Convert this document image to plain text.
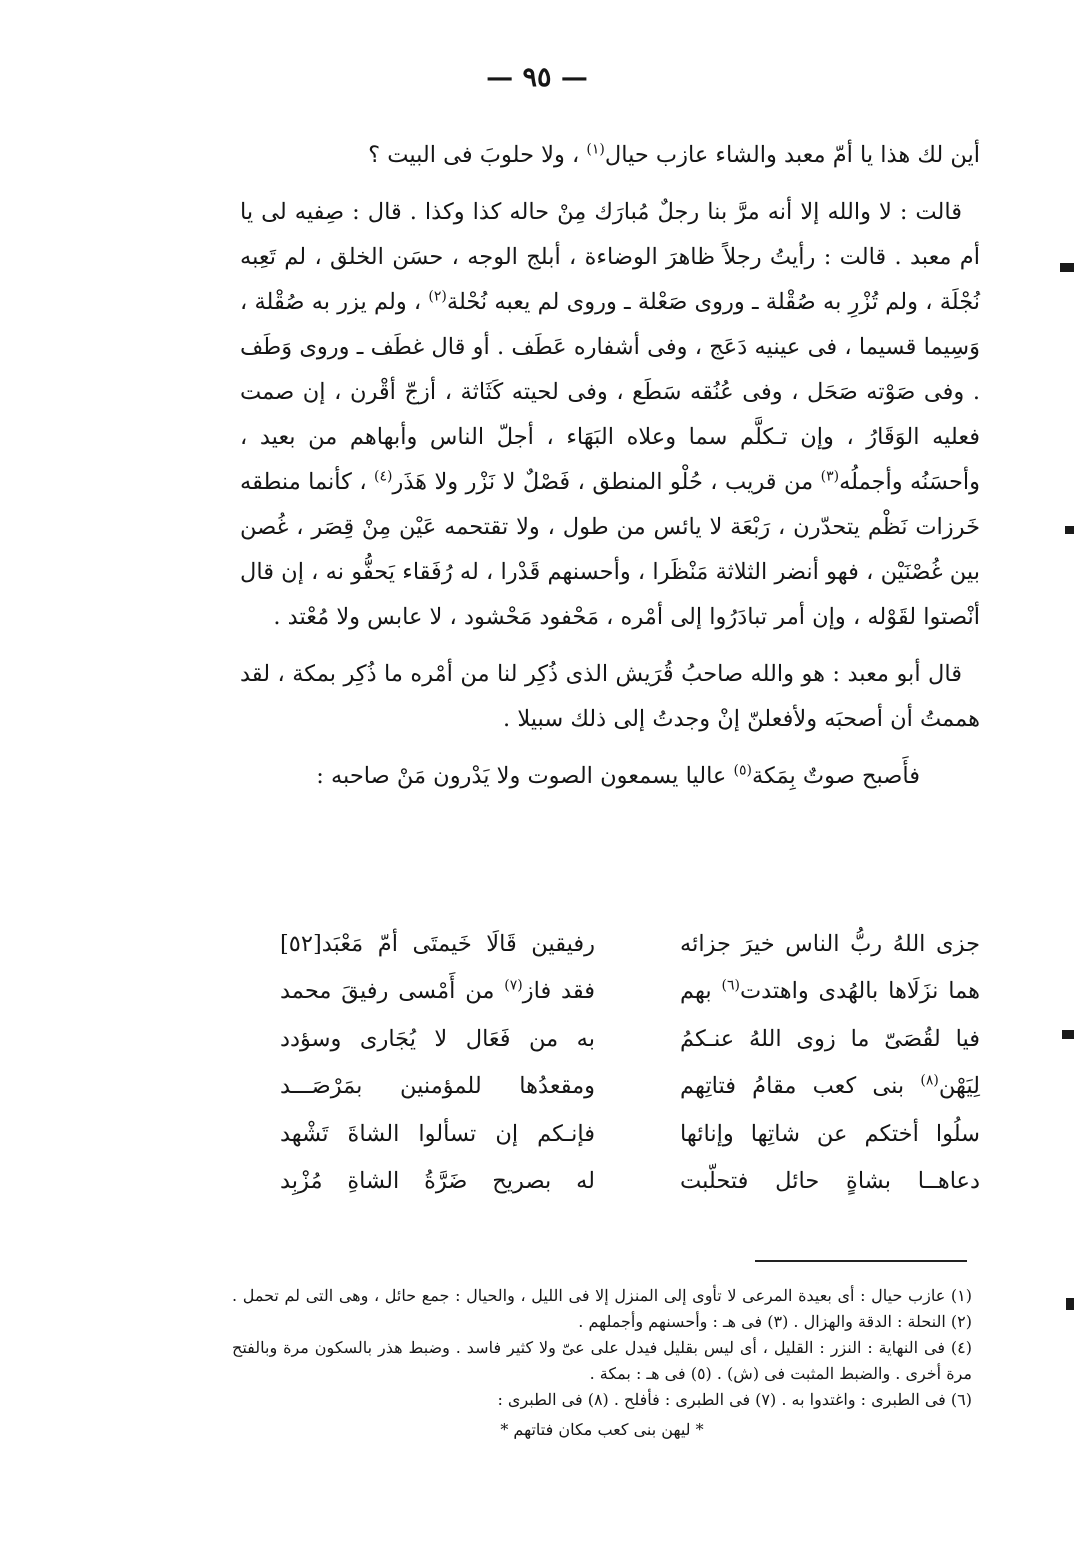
— ٩٥ —

أين لك هذا يا أمّ معبد والشاء عازب حيال$^{(١)}$ ، ولا حلوبَ فى البيت ؟

قالت : لا والله إلا أنه مرَّ بنا رجلٌ مُبارَك مِنْ حاله كذا وكذا . قال : صِفيه لى يا أم معبد . قالت : رأيتُ رجلاً ظاهرَ الوضاءة ، أبلج الوجه ، حسَن الخلق ، لم تَعِبه نُجْلَة ، ولم تُزْرِ به صُقْلة ـ وروى صَعْلة ـ وروى لم يعبه نُحْلة$^{(٢)}$ ، ولم يزر به صُقْلة ، وَسِيما قسيما ، فى عينيه دَعَج ، وفى أشفاره عَطَف . أو قال غطَف ـ وروى وَطَف . وفى صَوْته صَحَل ، وفى عُنُقه سَطَع ، وفى لحيته كَثَاثة ، أزجّ أقْرن ، إن صمت فعليه الوَقَارُ ، وإن تـكلَّم سما وعلاه البَهَاء ، أجلّ الناس وأبهاهم من بعيد ، وأحسَنُه وأجملُه$^{(٣)}$ من قريب ، حُلْو المنطق ، فَصْلٌ لا نَزْر ولا هَذَر$^{(٤)}$ ، كأنما منطقه خَرزات نَظْم يتحدّرن ، رَبْعَة لا يائس من طول ، ولا تقتحمه عَيْن مِنْ قِصَر ، غُصن بين غُصْنَيْن ، فهو أنضر الثلاثة مَنْظَرا ، وأحسنهم قَدْرا ، له رُفَقاء يَحفُّو نه ، إن قال أنْصتوا لقَوْله ، وإن أمر تبادَرُوا إلى أمْره ، مَحْفود مَحْشود ، لا عابس ولا مُعْتد .

قال أبو معبد : هو والله صاحبُ قُرَيش الذى ذُكِر لنا من أمْره ما ذُكِر بمكة ، لقد هممتُ أن أصحبَه ولأفعلنّ إنْ وجدتُ إلى ذلك سبيلا .

فأَصبح صوتٌ بِمَكة$^{(٥)}$ عاليا يسمعون الصوت ولا يَدْرون مَنْ صاحبه :

جزى اللهُ ربُّ الناس خيرَ جزائه
رفيقين قَالَا خَيمتَى أمّ مَعْبَد[٥٢]
هما نزَلَاها بالهُدى واهتدت$^{(٦)}$ بهم
فقد فاز$^{(٧)}$ من أَمْسى رفيقَ محمد
فيا لقُصَىّ ما زوى اللهُ عنـكمُ
به من فَعَال لا يُجَارى وسؤدد
لِيَهْن$^{(٨)}$ بنى كعب مقامُ فتاتِهم
ومقعدُها للمؤمنين بمَرْصَـــد
سلُوا أختكم عن شاتِها وإنائها
فإنـكم إن تسألوا الشاةَ تَشْهد
دعاهــا بشاةٍ حائل فتحلّبت
له بصريح ضَرَّةُ الشاةِ مُزْبِد

(١) عازب حيال : أى بعيدة المرعى لا تأوى إلى المنزل إلا فى الليل ، والحيال : جمع حائل ، وهى التى لم تحمل . (٢) النحلة : الدقة والهزال . (٣) فى هـ : وأحسنهم وأجملهم .

(٤) فى النهاية : النزر : القليل ، أى ليس بقليل فيدل على عىّ ولا كثير فاسد . وضبط هذر بالسكون مرة وبالفتح مرة أخرى . والضبط المثبت فى (ش) . (٥) فى هـ : بمكة .

(٦) فى الطبرى : واغتدوا به . (٧) فى الطبرى : فأفلح . (٨) فى الطبرى :

* ليهن بنى كعب مكان فتاتهم *
